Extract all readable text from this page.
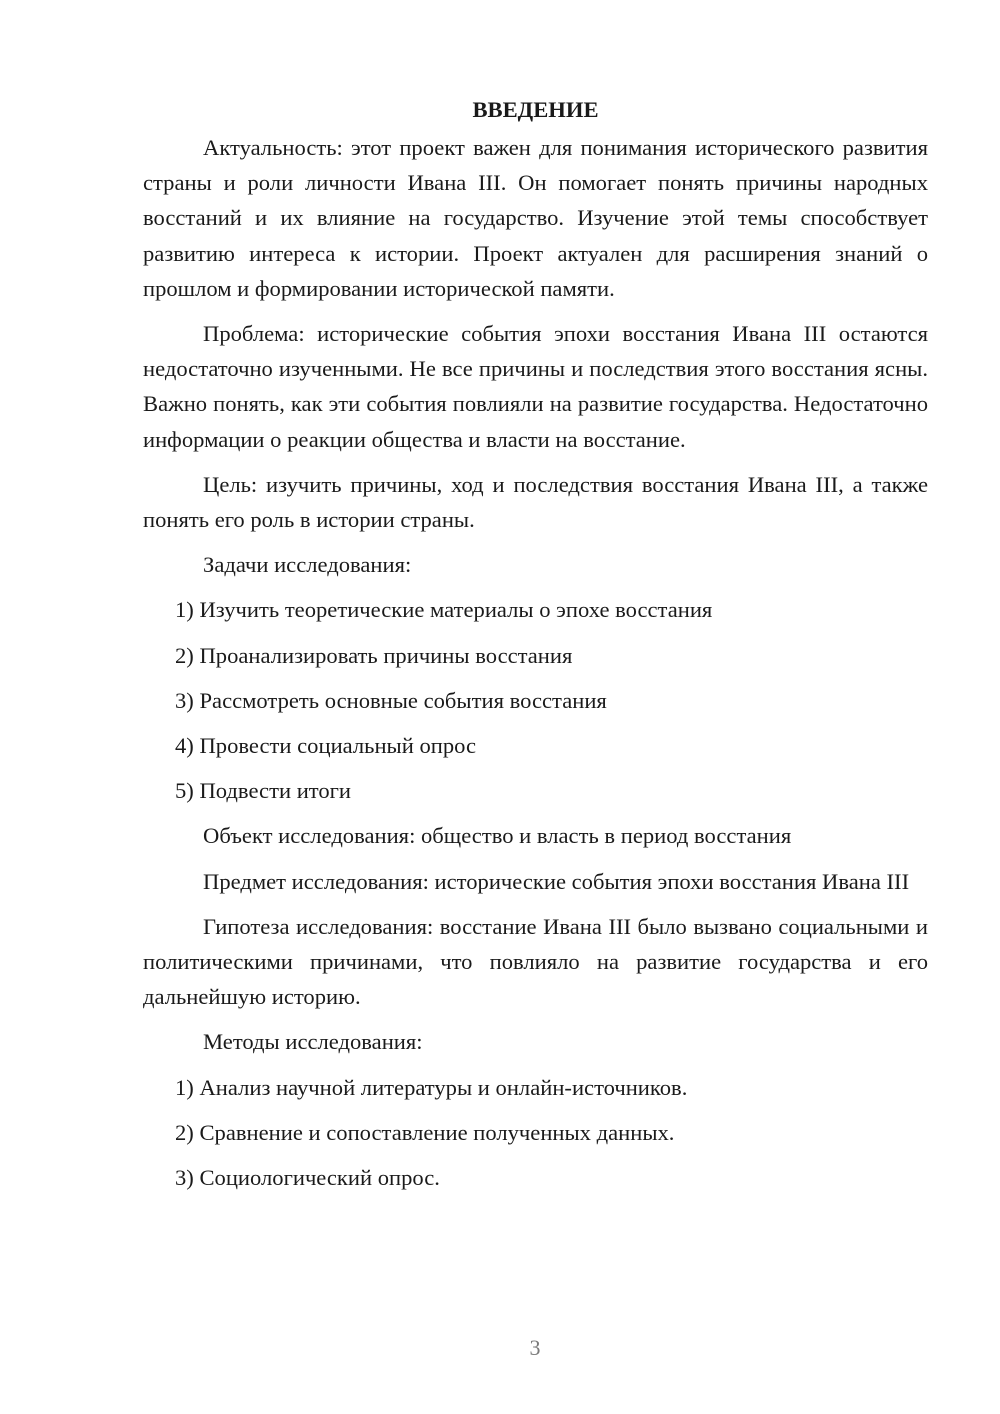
ВВЕДЕНИЕ

Актуальность: этот проект важен для понимания исторического развития страны и роли личности Ивана III. Он помогает понять причины народных восстаний и их влияние на государство. Изучение этой темы способствует развитию интереса к истории. Проект актуален для расширения знаний о прошлом и формировании исторической памяти.

Проблема: исторические события эпохи восстания Ивана III остаются недостаточно изученными. Не все причины и последствия этого восстания ясны. Важно понять, как эти события повлияли на развитие государства. Недостаточно информации о реакции общества и власти на восстание.

Цель: изучить причины, ход и последствия восстания Ивана III, а также понять его роль в истории страны.

Задачи исследования:

1) Изучить теоретические материалы о эпохе восстания
2) Проанализировать причины восстания
3) Рассмотреть основные события восстания
4) Провести социальный опрос
5) Подвести итоги

Объект исследования: общество и власть в период восстания

Предмет исследования: исторические события эпохи восстания Ивана III

Гипотеза исследования: восстание Ивана III было вызвано социальными и политическими причинами, что повлияло на развитие государства и его дальнейшую историю.

Методы исследования:

1) Анализ научной литературы и онлайн-источников.
2) Сравнение и сопоставление полученных данных.
3) Социологический опрос.
3
